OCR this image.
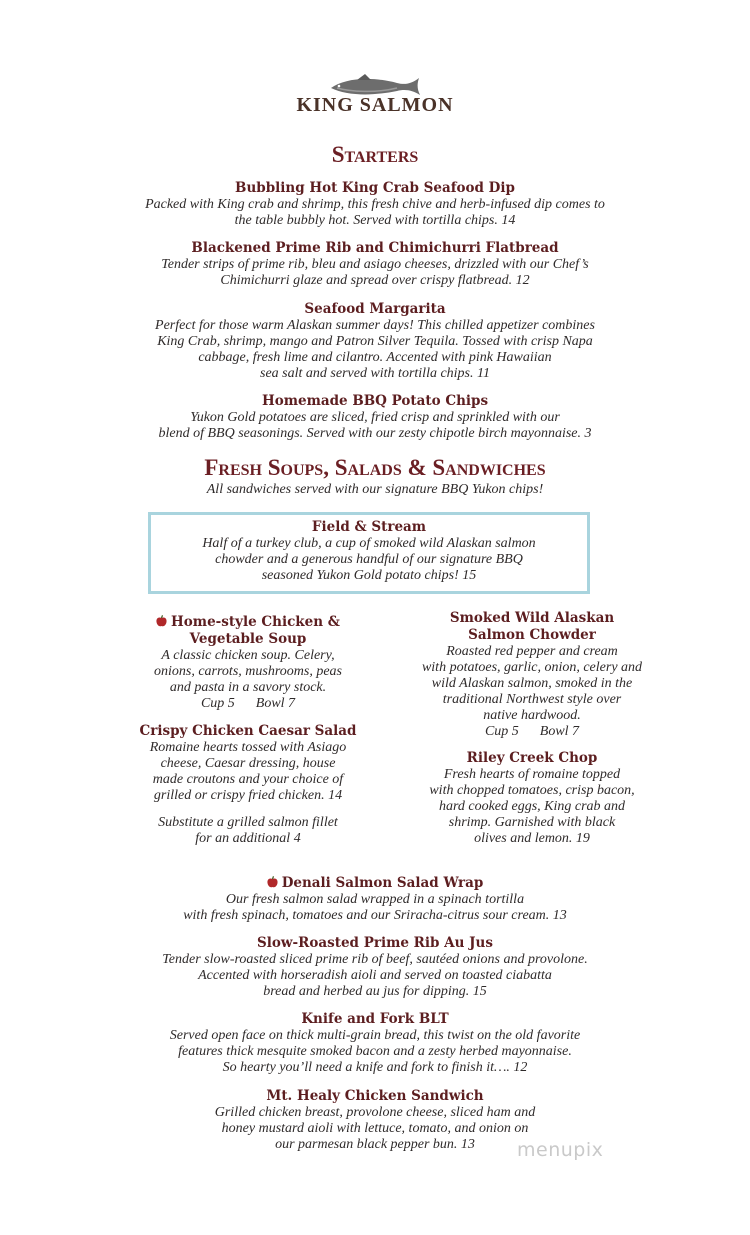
KING SALMON
Starters

Bubbling Hot King Crab Seafood Dip

Packed with King crab and shrimp, this fresh chive and herb-infused dip comes to
the table bubbly hot. Served with tortilla chips. 14

Blackened Prime Rib and Chimichurri Flatbread

Tender strips of prime rib, bleu and asiago cheeses, drizzled with our Chef’s
Chimichurri glaze and spread over crispy flatbread. 12

Seafood Margarita

Perfect for those warm Alaskan summer days! This chilled appetizer combines
King Crab, shrimp, mango and Patron Silver Tequila. Tossed with crisp Napa
cabbage, fresh lime and cilantro. Accented with pink Hawaiian
sea salt and served with tortilla chips. 11

Homemade BBQ Potato Chips

Yukon Gold potatoes are sliced, fried crisp and sprinkled with our
blend of BBQ seasonings. Served with our zesty chipotle birch mayonnaise. 3

Fresh Soups, Salads & Sandwiches

All sandwiches served with our signature BBQ Yukon chips!

Field & Stream

Half of a turkey club, a cup of smoked wild Alaskan salmon
chowder and a generous handful of our signature BBQ
seasoned Yukon Gold potato chips! 15

Home-style Chicken &
Vegetable Soup

A classic chicken soup. Celery,
onions, carrots, mushrooms, peas
and pasta in a savory stock.
Cup 5      Bowl 7

Crispy Chicken Caesar Salad

Romaine hearts tossed with Asiago
cheese, Caesar dressing, house
made croutons and your choice of
grilled or crispy fried chicken. 14

Substitute a grilled salmon fillet
for an additional 4

Smoked Wild Alaskan
Salmon Chowder

Roasted red pepper and cream
with potatoes, garlic, onion, celery and
wild Alaskan salmon, smoked in the
traditional Northwest style over
native hardwood.
Cup 5      Bowl 7

Riley Creek Chop

Fresh hearts of romaine topped
with chopped tomatoes, crisp bacon,
hard cooked eggs, King crab and
shrimp. Garnished with black
olives and lemon. 19

Denali Salmon Salad Wrap

Our fresh salmon salad wrapped in a spinach tortilla
with fresh spinach, tomatoes and our Sriracha-citrus sour cream. 13

Slow-Roasted Prime Rib Au Jus

Tender slow-roasted sliced prime rib of beef, sautéed onions and provolone.
Accented with horseradish aioli and served on toasted ciabatta
bread and herbed au jus for dipping. 15

Knife and Fork BLT

Served open face on thick multi-grain bread, this twist on the old favorite
features thick mesquite smoked bacon and a zesty herbed mayonnaise.
So hearty you’ll need a knife and fork to finish it…. 12

Mt. Healy Chicken Sandwich

Grilled chicken breast, provolone cheese, sliced ham and
honey mustard aioli with lettuce, tomato, and onion on
our parmesan black pepper bun. 13	menupix
